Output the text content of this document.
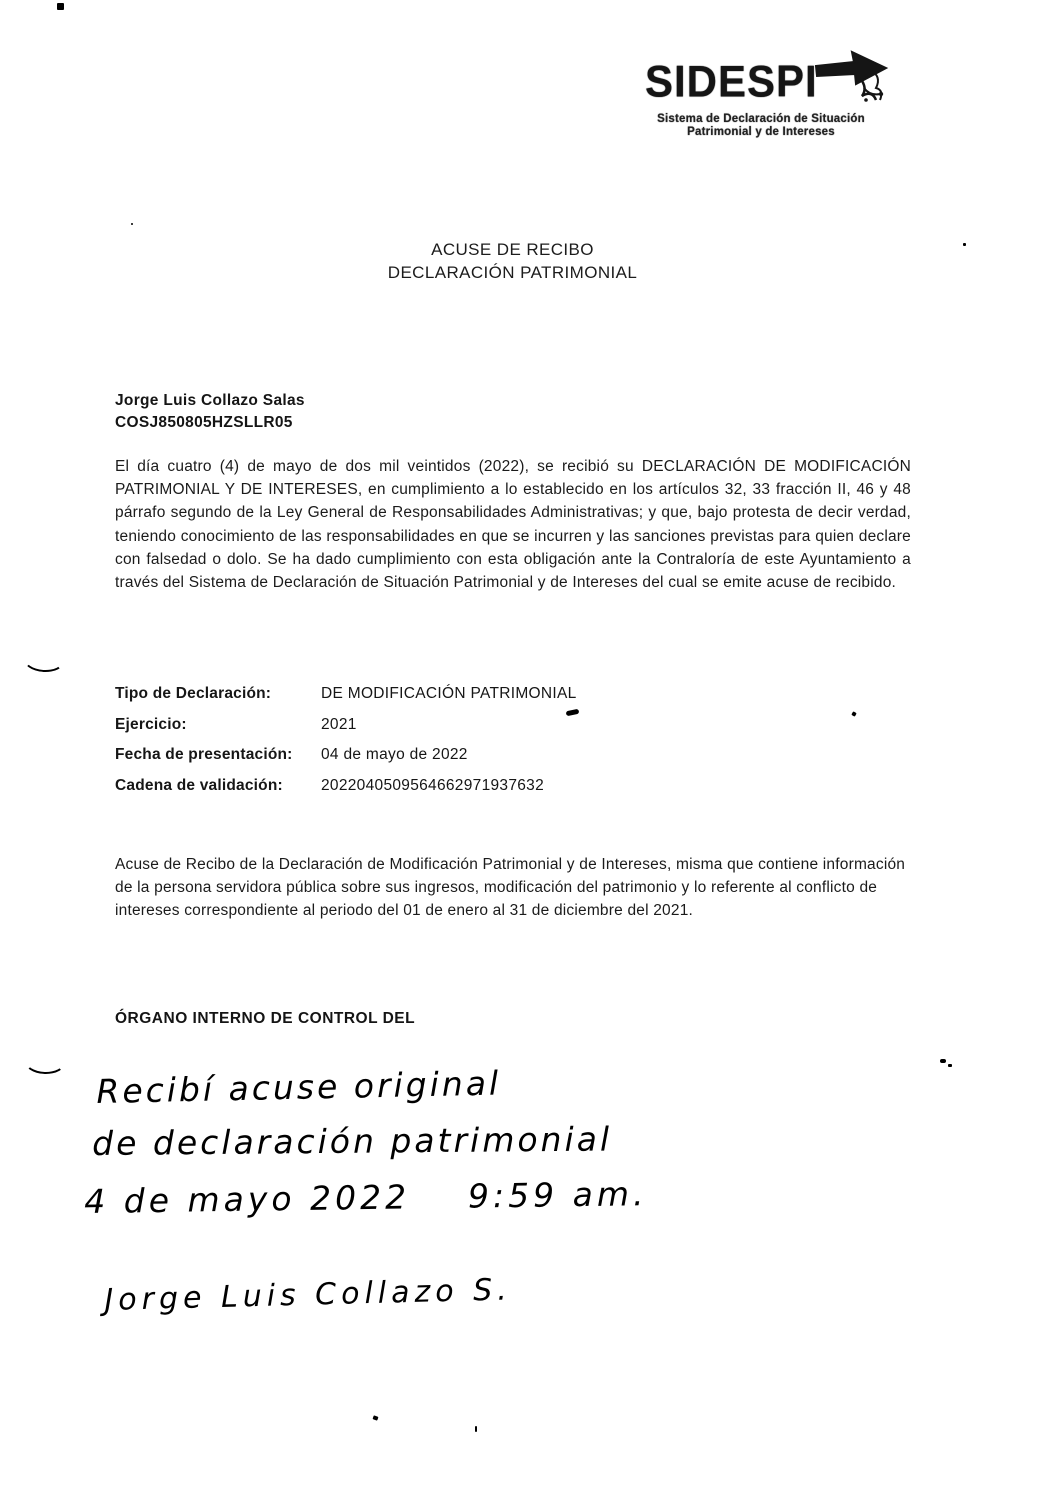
SIDESPI
Sistema de Declaración de Situación
Patrimonial y de Intereses
ACUSE DE RECIBO
DECLARACIÓN PATRIMONIAL
Jorge Luis Collazo Salas
COSJ850805HZSLLR05
El día cuatro (4) de mayo de dos mil veintidos (2022), se recibió su DECLARACIÓN DE MODIFICACIÓN PATRIMONIAL Y DE INTERESES, en cumplimiento a lo establecido en los artículos 32, 33 fracción II, 46 y 48 párrafo segundo de la Ley General de Responsabilidades Administrativas; y que, bajo protesta de decir verdad, teniendo conocimiento de las responsabilidades en que se incurren y las sanciones previstas para quien declare con falsedad o dolo. Se ha dado cumplimiento con esta obligación ante la Contraloría de este Ayuntamiento a través del Sistema de Declaración de Situación Patrimonial y de Intereses del cual se emite acuse de recibido.
Tipo de Declaración:	DE MODIFICACIÓN PATRIMONIAL
Ejercicio:	2021
Fecha de presentación:	04 de mayo de 2022
Cadena de validación:	2022040509564662971937632
Acuse de Recibo de la Declaración de Modificación Patrimonial y de Intereses, misma que contiene información de la persona servidora pública sobre sus ingresos, modificación del patrimonio y lo referente al conflicto de intereses correspondiente al periodo del 01 de enero al 31 de diciembre del 2021.
ÓRGANO INTERNO DE CONTROL DEL
Recibí acuse original
de declaración patrimonial
4 de mayo 2022    9:59 am.
Jorge Luis Collazo S.
